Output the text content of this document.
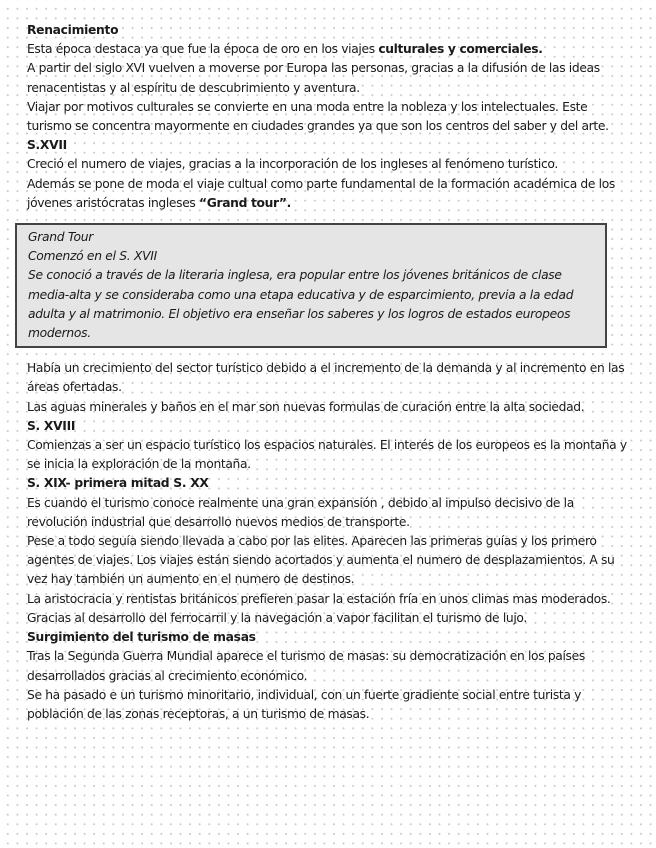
Renacimiento

Esta época destaca ya que fue la época de oro en los viajes culturales y comerciales.

A partir del siglo XVI vuelven a moverse por Europa las personas, gracias a la difusión de las ideas renacentistas y al espíritu de descubrimiento y aventura.

Viajar por motivos culturales se convierte en una moda entre la nobleza y los intelectuales. Este turismo se concentra mayormente en ciudades grandes ya que son los centros del saber y del arte.

S.XVII

Creció el numero de viajes, gracias a la incorporación de los ingleses al fenómeno turístico.

Además se pone de moda el viaje cultual como parte fundamental de la formación académica de los jóvenes aristócratas ingleses “Grand tour”.

Grand Tour

Comenzó en el S. XVII

Se conoció a través de la literaria inglesa, era popular entre los jóvenes británicos de clase media-alta y se consideraba como una etapa educativa y de esparcimiento, previa a la edad adulta y al matrimonio. El objetivo era enseñar los saberes y los logros de estados europeos modernos.

Había un crecimiento del sector turístico debido a el incremento de la demanda y al incremento en las áreas ofertadas.

Las aguas minerales y baños en el mar son nuevas formulas de curación entre la alta sociedad.

S. XVIII

Comienzas a ser un espacio turístico los espacios naturales. El interés de los europeos es la montaña y se inicia la exploración de la montaña.

S. XIX- primera mitad S. XX

Es cuando el turismo conoce realmente una gran expansión , debido al impulso decisivo de la revolución industrial que desarrollo nuevos medios de transporte.

Pese a todo seguía siendo llevada a cabo por las elites. Aparecen las primeras guías y los primero agentes de viajes. Los viajes están siendo acortados y aumenta el numero de desplazamientos. A su vez hay también un aumento en el numero de destinos.

La aristocracia y rentistas británicos prefieren pasar la estación fría en unos climas mas moderados. Gracias al desarrollo del ferrocarril y la navegación a vapor facilitan el turismo de lujo.

Surgimiento del turismo de masas

Tras la Segunda Guerra Mundial aparece el turismo de masas: su democratización en los países desarrollados gracias al crecimiento económico.

Se ha pasado e un turismo minoritario, individual, con un fuerte gradiente social entre turista y población de las zonas receptoras, a un turismo de masas.
